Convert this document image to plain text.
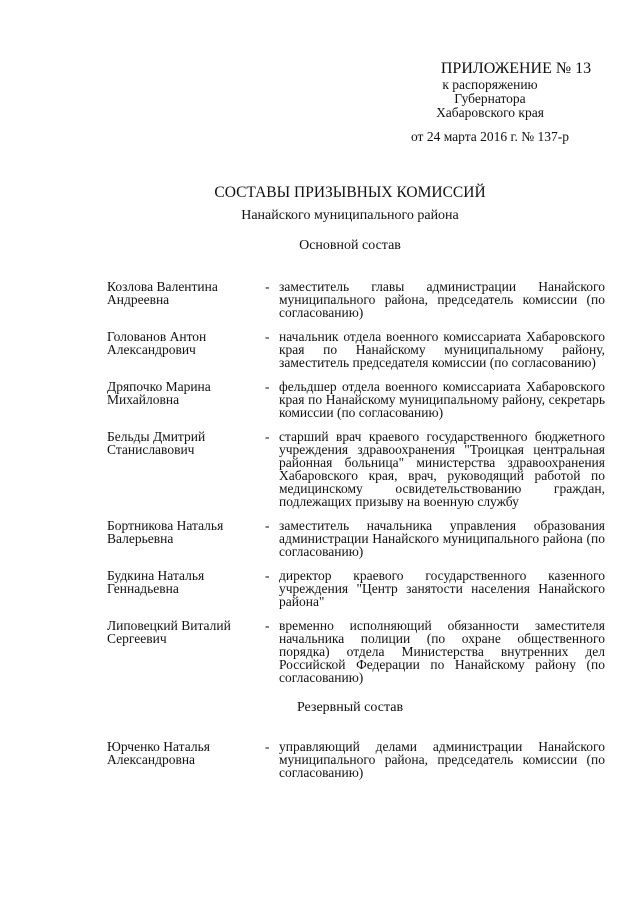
ПРИЛОЖЕНИЕ № 13
к распоряжению
Губернатора
Хабаровского края
от 24 марта 2016 г. № 137-р
СОСТАВЫ ПРИЗЫВНЫХ КОМИССИЙ
Нанайского муниципального района
Основной состав
Козлова Валентина Андреевна
- заместитель главы администрации Нанайского муниципального района, председатель комиссии (по согласованию)
Голованов Антон Александрович
- начальник отдела военного комиссариата Хабаровского края по Нанайскому муниципальному району, заместитель председателя комиссии (по согласованию)
Дряпочко Марина Михайловна
- фельдшер отдела военного комиссариата Хабаровского края по Нанайскому муниципальному району, секретарь комиссии (по согласованию)
Бельды Дмитрий Станиславович
- старший врач краевого государственного бюджетного учреждения здравоохранения "Троицкая центральная районная больница" министерства здравоохранения Хабаровского края, врач, руководящий работой по медицинскому освидетельствованию граждан, подлежащих призыву на военную службу
Бортникова Наталья Валерьевна
- заместитель начальника управления образования администрации Нанайского муниципального района (по согласованию)
Будкина Наталья Геннадьевна
- директор краевого государственного казенного учреждения "Центр занятости населения Нанайского района"
Липовецкий Виталий Сергеевич
- временно исполняющий обязанности заместителя начальника полиции (по охране общественного порядка) отдела Министерства внутренних дел Российской Федерации по Нанайскому району (по согласованию)
Резервный состав
Юрченко Наталья Александровна
- управляющий делами администрации Нанайского муниципального района, председатель комиссии (по согласованию)
